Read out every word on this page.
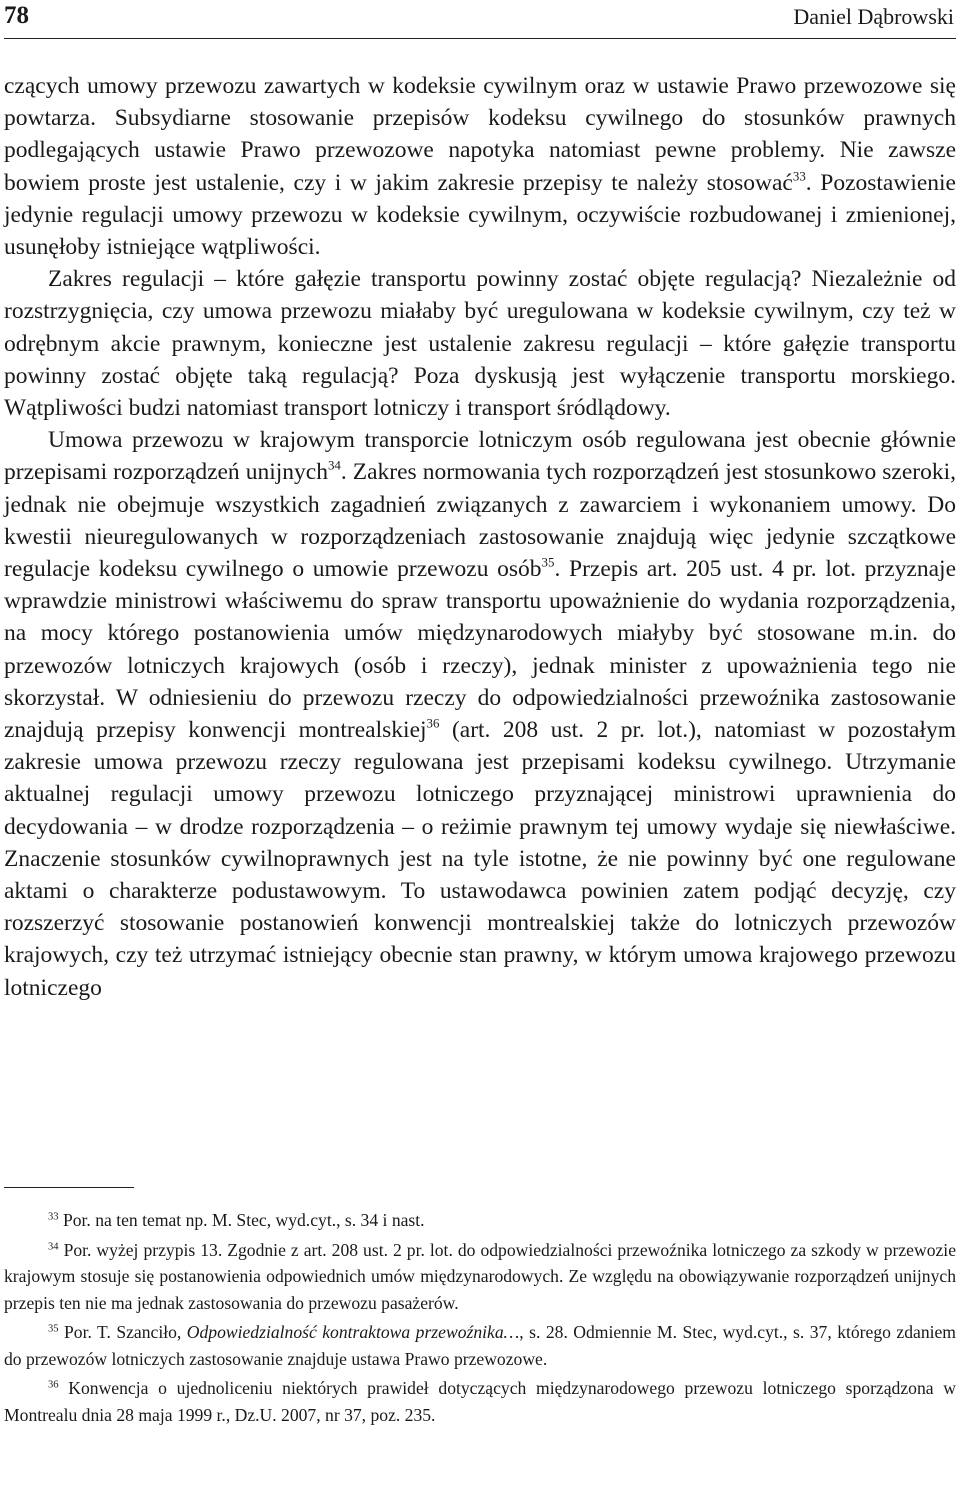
78	Daniel Dąbrowski

czących umowy przewozu zawartych w kodeksie cywilnym oraz w ustawie Prawo przewozowe się powtarza. Subsydiarne stosowanie przepisów kodeksu cywilnego do stosunków prawnych podlegających ustawie Prawo przewozowe napotyka natomiast pewne problemy. Nie zawsze bowiem proste jest ustalenie, czy i w jakim zakresie przepisy te należy stosować$^{33}$. Pozostawienie jedynie regulacji umowy przewozu w kodeksie cywilnym, oczywiście rozbudowanej i zmienionej, usunęłoby istniejące wątpliwości.

Zakres regulacji – które gałęzie transportu powinny zostać objęte regulacją? Niezależnie od rozstrzygnięcia, czy umowa przewozu miałaby być uregulowana w kodeksie cywilnym, czy też w odrębnym akcie prawnym, konieczne jest ustalenie zakresu regulacji – które gałęzie transportu powinny zostać objęte taką regulacją? Poza dyskusją jest wyłączenie transportu morskiego. Wątpliwości budzi natomiast transport lotniczy i transport śródlądowy.

Umowa przewozu w krajowym transporcie lotniczym osób regulowana jest obecnie głównie przepisami rozporządzeń unijnych$^{34}$. Zakres normowania tych rozporządzeń jest stosunkowo szeroki, jednak nie obejmuje wszystkich zagadnień związanych z zawarciem i wykonaniem umowy. Do kwestii nieuregulowanych w rozporządzeniach zastosowanie znajdują więc jedynie szczątkowe regulacje kodeksu cywilnego o umowie przewozu osób$^{35}$. Przepis art. 205 ust. 4 pr. lot. przyznaje wprawdzie ministrowi właściwemu do spraw transportu upoważnienie do wydania rozporządzenia, na mocy którego postanowienia umów międzynarodowych miałyby być stosowane m.in. do przewozów lotniczych krajowych (osób i rzeczy), jednak minister z upoważnienia tego nie skorzystał. W odniesieniu do przewozu rzeczy do odpowiedzialności przewoźnika zastosowanie znajdują przepisy konwencji montrealskiej$^{36}$ (art. 208 ust. 2 pr. lot.), natomiast w pozostałym zakresie umowa przewozu rzeczy regulowana jest przepisami kodeksu cywilnego. Utrzymanie aktualnej regulacji umowy przewozu lotniczego przyznającej ministrowi uprawnienia do decydowania – w drodze rozporządzenia – o reżimie prawnym tej umowy wydaje się niewłaściwe. Znaczenie stosunków cywilnoprawnych jest na tyle istotne, że nie powinny być one regulowane aktami o charakterze podustawowym. To ustawodawca powinien zatem podjąć decyzję, czy rozszerzyć stosowanie postanowień konwencji montrealskiej także do lotniczych przewozów krajowych, czy też utrzymać istniejący obecnie stan prawny, w którym umowa krajowego przewozu lotniczego

$^{33}$ Por. na ten temat np. M. Stec, wyd.cyt., s. 34 i nast.

$^{34}$ Por. wyżej przypis 13. Zgodnie z art. 208 ust. 2 pr. lot. do odpowiedzialności przewoźnika lotniczego za szkody w przewozie krajowym stosuje się postanowienia odpowiednich umów międzynarodowych. Ze względu na obowiązywanie rozporządzeń unijnych przepis ten nie ma jednak zastosowania do przewozu pasażerów.

$^{35}$ Por. T. Szanciło, Odpowiedzialność kontraktowa przewoźnika…, s. 28. Odmiennie M. Stec, wyd.cyt., s. 37, którego zdaniem do przewozów lotniczych zastosowanie znajduje ustawa Prawo przewozowe.

$^{36}$ Konwencja o ujednoliceniu niektórych prawideł dotyczących międzynarodowego przewozu lotniczego sporządzona w Montrealu dnia 28 maja 1999 r., Dz.U. 2007, nr 37, poz. 235.
